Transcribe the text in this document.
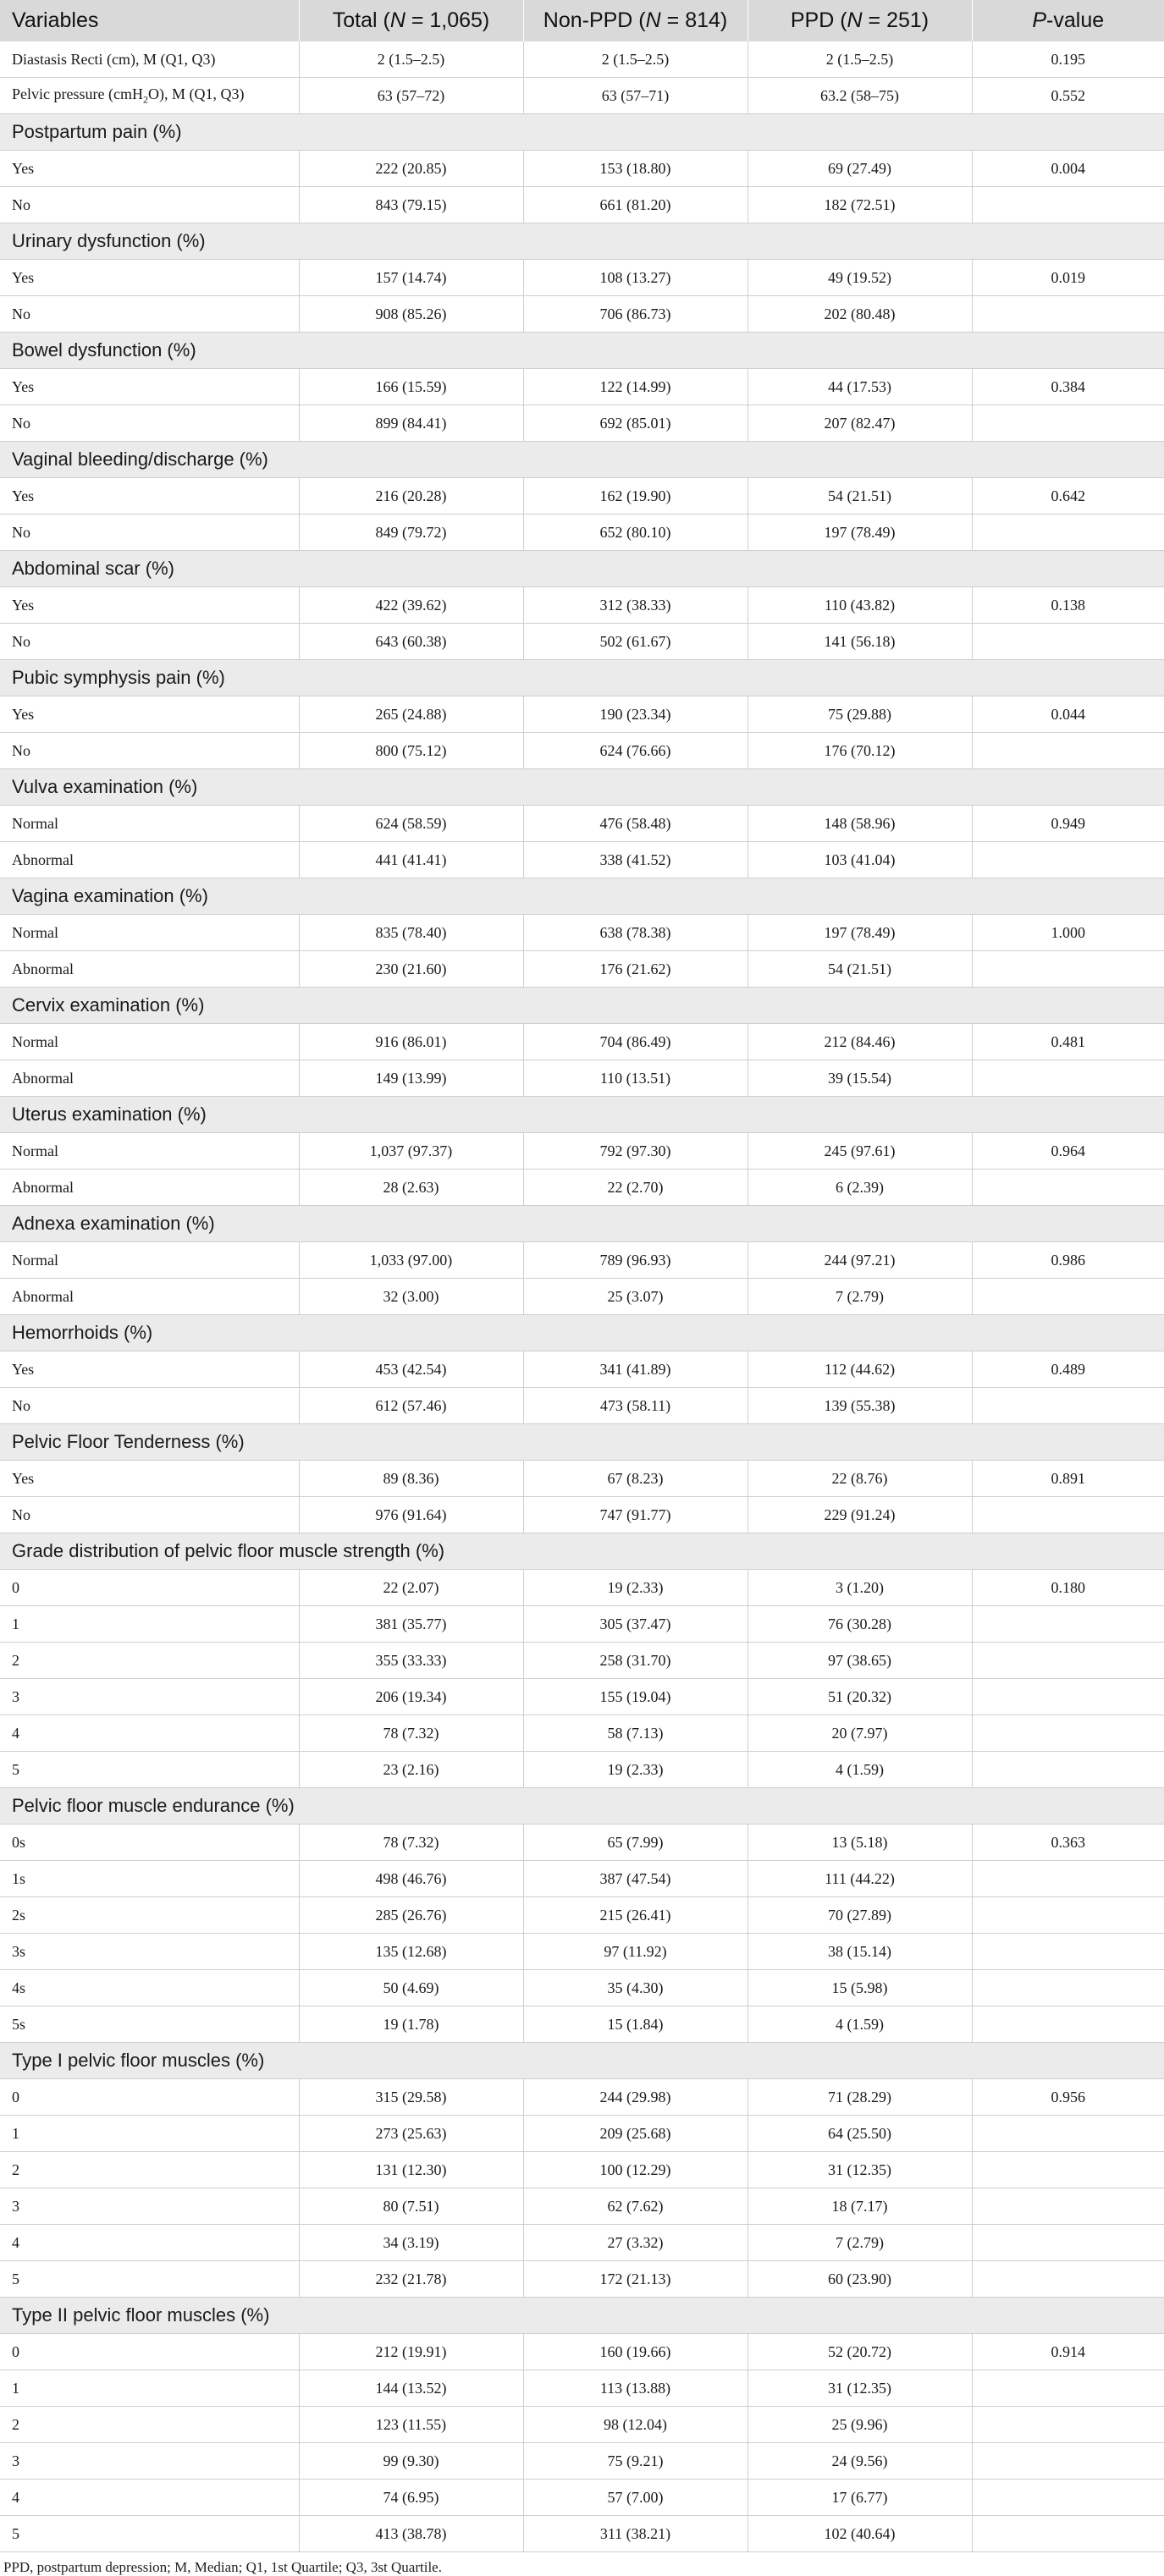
Variables	Total (N = 1,065)	Non-PPD (N = 814)	PPD (N = 251)	P-value
Diastasis Recti (cm), M (Q1, Q3)	2 (1.5–2.5)	2 (1.5–2.5)	2 (1.5–2.5)	0.195
Pelvic pressure (cmH$_2$O), M (Q1, Q3)	63 (57–72)	63 (57–71)	63.2 (58–75)	0.552
Postpartum pain (%)				
Yes	222 (20.85)	153 (18.80)	69 (27.49)	0.004
No	843 (79.15)	661 (81.20)	182 (72.51)	
Urinary dysfunction (%)				
Yes	157 (14.74)	108 (13.27)	49 (19.52)	0.019
No	908 (85.26)	706 (86.73)	202 (80.48)	
Bowel dysfunction (%)				
Yes	166 (15.59)	122 (14.99)	44 (17.53)	0.384
No	899 (84.41)	692 (85.01)	207 (82.47)	
Vaginal bleeding/discharge (%)				
Yes	216 (20.28)	162 (19.90)	54 (21.51)	0.642
No	849 (79.72)	652 (80.10)	197 (78.49)	
Abdominal scar (%)				
Yes	422 (39.62)	312 (38.33)	110 (43.82)	0.138
No	643 (60.38)	502 (61.67)	141 (56.18)	
Pubic symphysis pain (%)				
Yes	265 (24.88)	190 (23.34)	75 (29.88)	0.044
No	800 (75.12)	624 (76.66)	176 (70.12)	
Vulva examination (%)				
Normal	624 (58.59)	476 (58.48)	148 (58.96)	0.949
Abnormal	441 (41.41)	338 (41.52)	103 (41.04)	
Vagina examination (%)				
Normal	835 (78.40)	638 (78.38)	197 (78.49)	1.000
Abnormal	230 (21.60)	176 (21.62)	54 (21.51)	
Cervix examination (%)				
Normal	916 (86.01)	704 (86.49)	212 (84.46)	0.481
Abnormal	149 (13.99)	110 (13.51)	39 (15.54)	
Uterus examination (%)				
Normal	1,037 (97.37)	792 (97.30)	245 (97.61)	0.964
Abnormal	28 (2.63)	22 (2.70)	6 (2.39)	
Adnexa examination (%)				
Normal	1,033 (97.00)	789 (96.93)	244 (97.21)	0.986
Abnormal	32 (3.00)	25 (3.07)	7 (2.79)	
Hemorrhoids (%)				
Yes	453 (42.54)	341 (41.89)	112 (44.62)	0.489
No	612 (57.46)	473 (58.11)	139 (55.38)	
Pelvic Floor Tenderness (%)				
Yes	89 (8.36)	67 (8.23)	22 (8.76)	0.891
No	976 (91.64)	747 (91.77)	229 (91.24)	
Grade distribution of pelvic floor muscle strength (%)				
0	22 (2.07)	19 (2.33)	3 (1.20)	0.180
1	381 (35.77)	305 (37.47)	76 (30.28)	
2	355 (33.33)	258 (31.70)	97 (38.65)	
3	206 (19.34)	155 (19.04)	51 (20.32)	
4	78 (7.32)	58 (7.13)	20 (7.97)	
5	23 (2.16)	19 (2.33)	4 (1.59)	
Pelvic floor muscle endurance (%)				
0s	78 (7.32)	65 (7.99)	13 (5.18)	0.363
1s	498 (46.76)	387 (47.54)	111 (44.22)	
2s	285 (26.76)	215 (26.41)	70 (27.89)	
3s	135 (12.68)	97 (11.92)	38 (15.14)	
4s	50 (4.69)	35 (4.30)	15 (5.98)	
5s	19 (1.78)	15 (1.84)	4 (1.59)	
Type I pelvic floor muscles (%)				
0	315 (29.58)	244 (29.98)	71 (28.29)	0.956
1	273 (25.63)	209 (25.68)	64 (25.50)	
2	131 (12.30)	100 (12.29)	31 (12.35)	
3	80 (7.51)	62 (7.62)	18 (7.17)	
4	34 (3.19)	27 (3.32)	7 (2.79)	
5	232 (21.78)	172 (21.13)	60 (23.90)	
Type II pelvic floor muscles (%)				
0	212 (19.91)	160 (19.66)	52 (20.72)	0.914
1	144 (13.52)	113 (13.88)	31 (12.35)	
2	123 (11.55)	98 (12.04)	25 (9.96)	
3	99 (9.30)	75 (9.21)	24 (9.56)	
4	74 (6.95)	57 (7.00)	17 (6.77)	
5	413 (38.78)	311 (38.21)	102 (40.64)	
PPD, postpartum depression; M, Median; Q1, 1st Quartile; Q3, 3st Quartile.
